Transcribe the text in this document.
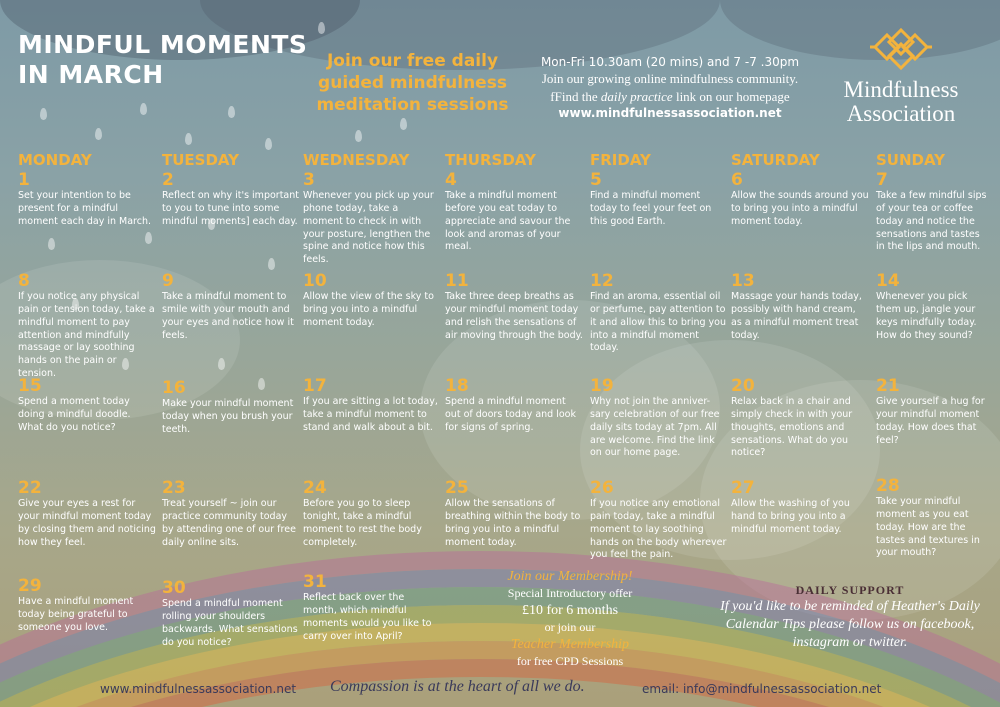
MINDFUL MOMENTS
IN MARCH	Join our free daily
guided mindfulness
meditation sessions
Mon-Fri 10.30am (20 mins) and 7 -7 .30pm
Join our growing online mindfulness community.
fFind the daily practice link on our homepage
www.mindfulnessassociation.net
Mindfulness
Association
MONDAY	TUESDAY	WEDNESDAY THURSDAY	FRIDAY	SATURDAY	SUNDAY
1
Set your intention to be present for a mindful moment each day in March.
2
Reflect on why it's important to you to tune into some mindful moments] each day.
3
Whenever you pick up your phone today, take a moment to check in with your posture, lengthen the spine and notice how this feels.
4
Take a mindful moment before you eat today to appreciate and savour the look and aromas of your meal.
5
Find a mindful moment today to feel your feet on this good Earth.
6
Allow the sounds around you to bring you into a mindful moment today.
7
Take a few mindful sips of your tea or coffee today and notice the sensations and tastes in the lips and mouth.
8
If you notice any physical pain or tension today, take a mindful moment to pay attention and mindfully massage or lay soothing hands on the pain or tension.
9
Take a mindful moment to smile with your mouth and your eyes and notice how it feels.
10
Allow the view of the sky to bring you into a mindful moment today.
11
Take three deep breaths as your mindful moment today and relish the sensations of air moving through the body.
12
Find an aroma, essential oil or perfume, pay attention to it and allow this to bring you into a mindful moment today.
13
Massage your hands today, possibly with hand cream, as a mindful moment treat today.
14
Whenever you pick them up, jangle your keys mindfully today. How do they sound?
15
Spend a moment today doing a mindful doodle. What do you notice?
16
Make your mindful moment today when you brush your teeth.
17
If you are sitting a lot today, take a mindful moment to stand and walk about a bit.
18
Spend a mindful moment out of doors today and look for signs of spring.
19
Why not join the anniver-sary celebration of our free daily sits today at 7pm. All are welcome. Find the link on our home page.
20
Relax back in a chair and simply check in with your thoughts, emotions and sensations. What do you notice?
21
Give yourself a hug for your mindful moment today. How does that feel?
22
Give your eyes a rest for your mindful moment today by closing them and noticing how they feel.
23
Treat yourself ~ join our practice community today by attending one of our free daily online sits.
24
Before you go to sleep tonight, take a mindful moment to rest the body completely.
25
Allow the sensations of breathing within the body to bring you into a mindful moment today.
26
If you notice any emotional pain today, take a mindful moment to lay soothing hands on the body wherever you feel the pain.
27
Allow the washing of you hand to bring you into a mindful moment today.
28
Take your mindful moment as you eat today. How are the tastes and textures in your mouth?
29
Have a mindful moment today being grateful to someone you love.
30
Spend a mindful moment rolling your shoulders backwards. What sensations do you notice?
31
Reflect back over the month, which mindful moments would you like to carry over into April?
Join our Membership!
Special Introductory offer
£10 for 6 months
or join our
Teacher Membership
for free CPD Sessions
DAILY SUPPORT
If you'd like to be reminded of Heather's Daily Calendar Tips please follow us on facebook, instagram or twitter.
www.mindfulnessassociation.net Compassion is at the heart of all we do.	email: info@mindfulnessassociation.net
